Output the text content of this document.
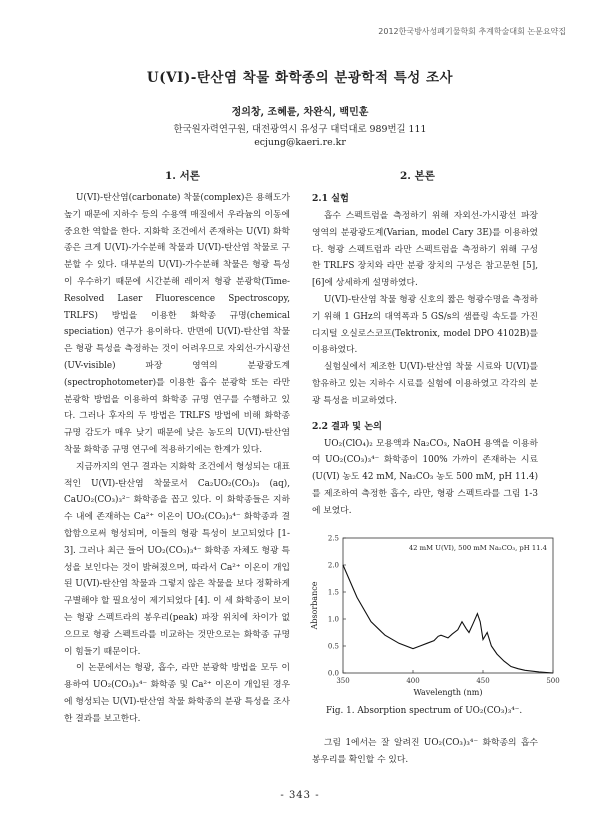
2012한국방사성폐기물학회 추계학술대회 논문요약집
U(VI)-탄산염 착물 화학종의 분광학적 특성 조사
정의창, 조혜륜, 차완식, 백민훈
한국원자력연구원, 대전광역시 유성구 대덕대로 989번길 111
ecjung@kaeri.re.kr
1. 서론

U(VI)-탄산염(carbonate) 착물(complex)은 용해도가 높기 때문에 지하수 등의 수용액 매질에서 우라늄의 이동에 중요한 역할을 한다. 지화학 조건에서 존재하는 U(VI) 화학종은 크게 U(VI)-가수분해 착물과 U(VI)-탄산염 착물로 구분할 수 있다. 대부분의 U(VI)-가수분해 착물은 형광 특성이 우수하기 때문에 시간분해 레이저 형광 분광학(Time-Resolved Laser Fluorescence Spectroscopy, TRLFS) 방법을 이용한 화학종 규명(chemical speciation) 연구가 용이하다. 반면에 U(VI)-탄산염 착물은 형광 특성을 측정하는 것이 어려우므로 자외선-가시광선(UV-visible) 파장 영역의 분광광도계(spectrophotometer)를 이용한 흡수 분광학 또는 라만 분광학 방법을 이용하여 화학종 규명 연구를 수행하고 있다. 그러나 후자의 두 방법은 TRLFS 방법에 비해 화학종 규명 감도가 매우 낮기 때문에 낮은 농도의 U(VI)-탄산염 착물 화학종 규명 연구에 적용하기에는 한계가 있다.

지금까지의 연구 결과는 지화학 조건에서 형성되는 대표적인 U(VI)-탄산염 착물로서 Ca₂UO₂(CO₃)₃ (aq), CaUO₂(CO₃)₃²⁻ 화학종을 꼽고 있다. 이 화학종들은 지하수 내에 존재하는 Ca²⁺ 이온이 UO₂(CO₃)₃⁴⁻ 화학종과 결합함으로써 형성되며, 이들의 형광 특성이 보고되었다 [1-3]. 그러나 최근 들어 UO₂(CO₃)₃⁴⁻ 화학종 자체도 형광 특성을 보인다는 것이 밝혀졌으며, 따라서 Ca²⁺ 이온이 개입된 U(VI)-탄산염 착물과 그렇지 않은 착물을 보다 정확하게 구별해야 할 필요성이 제기되었다 [4]. 이 세 화학종이 보이는 형광 스펙트라의 봉우리(peak) 파장 위치에 차이가 없으므로 형광 스펙트라를 비교하는 것만으로는 화학종 규명이 힘들기 때문이다.

이 논문에서는 형광, 흡수, 라만 분광학 방법을 모두 이용하여 UO₂(CO₃)₃⁴⁻ 화학종 및 Ca²⁺ 이온이 개입된 경우에 형성되는 U(VI)-탄산염 착물 화학종의 분광 특성을 조사한 결과를 보고한다.

2. 본론
2.1 실험

흡수 스펙트럼을 측정하기 위해 자외선-가시광선 파장 영역의 분광광도계(Varian, model Cary 3E)를 이용하였다. 형광 스펙트럼과 라만 스펙트럼을 측정하기 위해 구성한 TRLFS 장치와 라만 분광 장치의 구성은 참고문헌 [5], [6]에 상세하게 설명하였다.

U(VI)-탄산염 착물 형광 신호의 짧은 형광수명을 측정하기 위해 1 GHz의 대역폭과 5 GS/s의 샘플링 속도를 가진 디지털 오실로스코프(Tektronix, model DPO 4102B)를 이용하였다.

실험실에서 제조한 U(VI)-탄산염 착물 시료와 U(VI)를 함유하고 있는 지하수 시료를 실험에 이용하였고 각각의 분광 특성을 비교하였다.

2.2 결과 및 논의

UO₂(ClO₄)₂ 모용액과 Na₂CO₃, NaOH 용액을 이용하여 UO₂(CO₃)₃⁴⁻ 화학종이 100% 가까이 존재하는 시료(U(VI) 농도 42 mM, Na₂CO₃ 농도 500 mM, pH 11.4)를 제조하여 측정한 흡수, 라만, 형광 스펙트라를 그림 1-3에 보였다.

0.0
0.5
1.0
1.5
2.0
2.5
350	400	450	500
Wavelength (nm)
Absorbance
42 mM U(VI), 500 mM Na₂CO₃, pH 11.4
Fig. 1. Absorption spectrum of UO₂(CO₃)₃⁴⁻.

그림 1에서는 잘 알려진 UO₂(CO₃)₃⁴⁻ 화학종의 흡수 봉우리를 확인할 수 있다.

- 343 -
